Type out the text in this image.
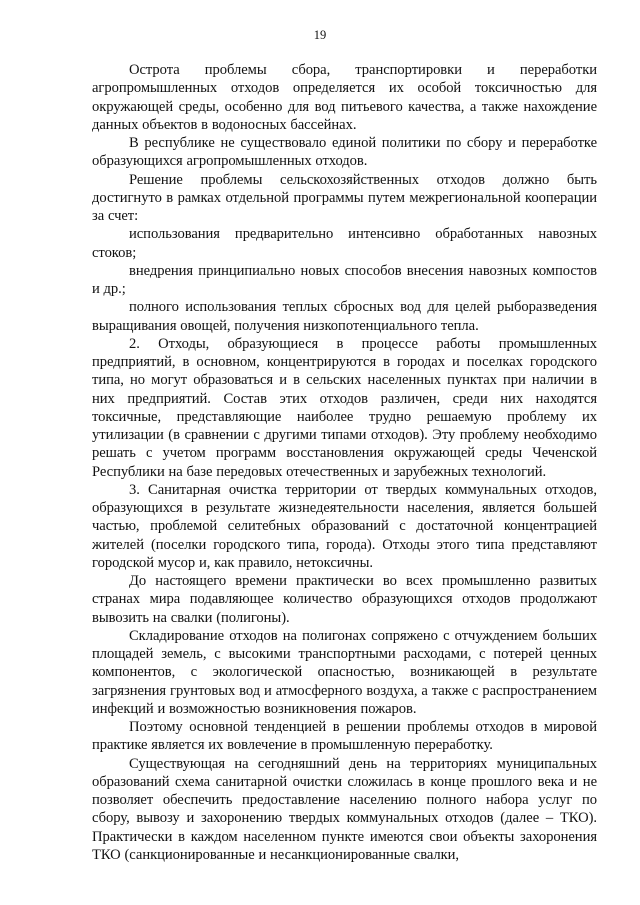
19

Острота проблемы сбора, транспортировки и переработки агропромышленных отходов определяется их особой токсичностью для окружающей среды, особенно для вод питьевого качества, а также нахождение данных объектов в водоносных бассейнах.

В республике не существовало единой политики по сбору и переработке образующихся агропромышленных отходов.

Решение проблемы сельскохозяйственных отходов должно быть достигнуто в рамках отдельной программы путем межрегиональной кооперации за счет:

использования предварительно интенсивно обработанных навозных стоков;

внедрения принципиально новых способов внесения навозных компостов и др.;

полного использования теплых сбросных вод для целей рыборазведения выращивания овощей, получения низкопотенциального тепла.

2. Отходы, образующиеся в процессе работы промышленных предприятий, в основном, концентрируются в городах и поселках городского типа, но могут образоваться и в сельских населенных пунктах при наличии в них предприятий. Состав этих отходов различен, среди них находятся токсичные, представляющие наиболее трудно решаемую проблему их утилизации (в сравнении с другими типами отходов). Эту проблему необходимо решать с учетом программ восстановления окружающей среды Чеченской Республики на базе передовых отечественных и зарубежных технологий.

3. Санитарная очистка территории от твердых коммунальных отходов, образующихся в результате жизнедеятельности населения, является большей частью, проблемой селитебных образований с достаточной концентрацией жителей (поселки городского типа, города). Отходы этого типа представляют городской мусор и, как правило, нетоксичны.

До настоящего времени практически во всех промышленно развитых странах мира подавляющее количество образующихся отходов продолжают вывозить на свалки (полигоны).

Складирование отходов на полигонах сопряжено с отчуждением больших площадей земель, с высокими транспортными расходами, с потерей ценных компонентов, с экологической опасностью, возникающей в результате загрязнения грунтовых вод и атмосферного воздуха, а также с распространением инфекций и возможностью возникновения пожаров.

Поэтому основной тенденцией в решении проблемы отходов в мировой практике является их вовлечение в промышленную переработку.

Существующая на сегодняшний день на территориях муниципальных образований схема санитарной очистки сложилась в конце прошлого века и не позволяет обеспечить предоставление населению полного набора услуг по сбору, вывозу и захоронению твердых коммунальных отходов (далее – ТКО). Практически в каждом населенном пункте имеются свои объекты захоронения ТКО (санкционированные и несанкционированные свалки,
